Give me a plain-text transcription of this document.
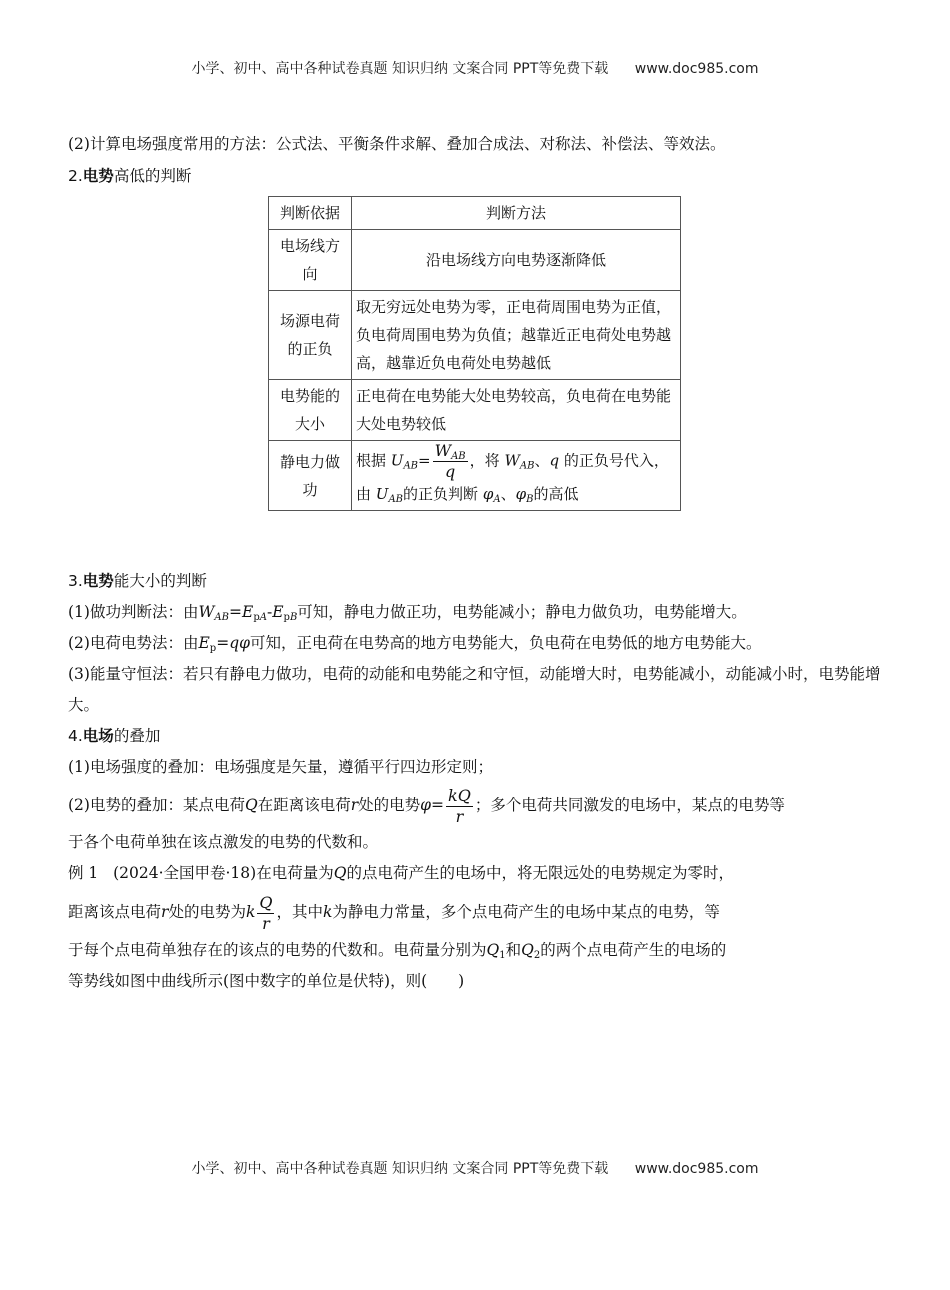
小学、初中、高中各种试卷真题 知识归纳 文案合同 PPT等免费下载 www.doc985.com
(2)计算电场强度常用的方法：公式法、平衡条件求解、叠加合成法、对称法、补偿法、等效法。
2.电势高低的判断
判断依据	判断方法
电场线方向	沿电场线方向电势逐渐降低
场源电荷的正负	取无穷远处电势为零，正电荷周围电势为正值，负电荷周围电势为负值；越靠近正电荷处电势越高，越靠近负电荷处电势越低
电势能的大小	正电荷在电势能大处电势较高，负电荷在电势能大处电势较低
静电力做功	根据 $U_{AB}= \frac{W_{AB}}{q}$ ，将 $W_{AB}$、q 的正负号代入，
由 $U_{AB}$的正负判断 $\varphi_A$、$\varphi_B$的高低
3.电势能大小的判断
(1)做功判断法：由$W_{AB}=E_{pA}-E_{pB}$可知，静电力做正功，电势能减小；静电力做负功，电势能增大。
(2)电荷电势法：由$E_p=q\varphi$可知，正电荷在电势高的地方电势能大，负电荷在电势低的地方电势能大。
(3)能量守恒法：若只有静电力做功，电荷的动能和电势能之和守恒，动能增大时，电势能减小，动能减小时，电势能增大。
4.电场的叠加
(1)电场强度的叠加：电场强度是矢量，遵循平行四边形定则；
(2)电势的叠加：某点电荷Q在距离该电荷r处的电势$\varphi= \frac{kQ}{r}$ ；多个电荷共同激发的电场中，某点的电势等
于各个电荷单独在该点激发的电势的代数和。
例 1 (2024·全国甲卷·18)在电荷量为Q的点电荷产生的电场中，将无限远处的电势规定为零时，
距离该点电荷r处的电势为k $\frac{Q}{r}$ ，其中k为静电力常量，多个点电荷产生的电场中某点的电势，等
于每个点电荷单独存在的该点的电势的代数和。电荷量分别为$Q_1$和$Q_2$的两个点电荷产生的电场的
等势线如图中曲线所示(图中数字的单位是伏特)，则(　　)
小学、初中、高中各种试卷真题 知识归纳 文案合同 PPT等免费下载 www.doc985.com
